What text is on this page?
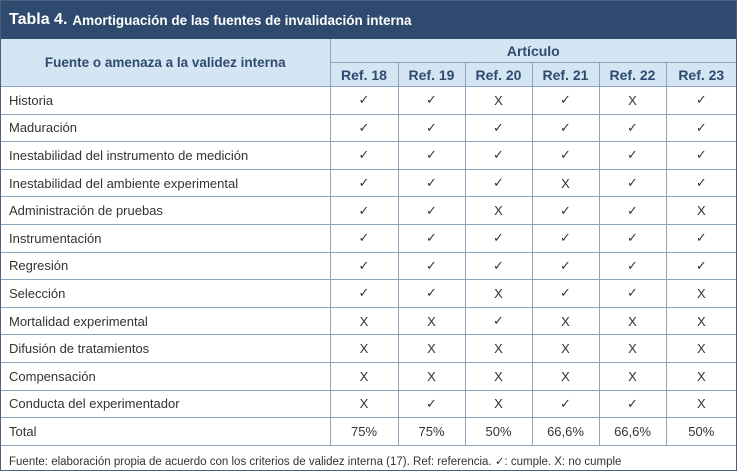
Tabla 4. Amortiguación de las fuentes de invalidación interna
Fuente o amenaza a la validez interna	Artículo					
	Ref. 18	Ref. 19	Ref. 20	Ref. 21	Ref. 22	Ref. 23
Historia	✓	✓	X	✓	X	✓
Maduración	✓	✓	✓	✓	✓	✓
Inestabilidad del instrumento de medición	✓	✓	✓	✓	✓	✓
Inestabilidad del ambiente experimental	✓	✓	✓	X	✓	✓
Administración de pruebas	✓	✓	X	✓	✓	X
Instrumentación	✓	✓	✓	✓	✓	✓
Regresión	✓	✓	✓	✓	✓	✓
Selección	✓	✓	X	✓	✓	X
Mortalidad experimental	X	X	✓	X	X	X
Difusión de tratamientos	X	X	X	X	X	X
Compensación	X	X	X	X	X	X
Conducta del experimentador	X	✓	X	✓	✓	X
Total	75%	75%	50%	66,6%	66,6%	50%
Fuente: elaboración propia de acuerdo con los criterios de validez interna (17). Ref: referencia. ✓: cumple. X: no cumple
